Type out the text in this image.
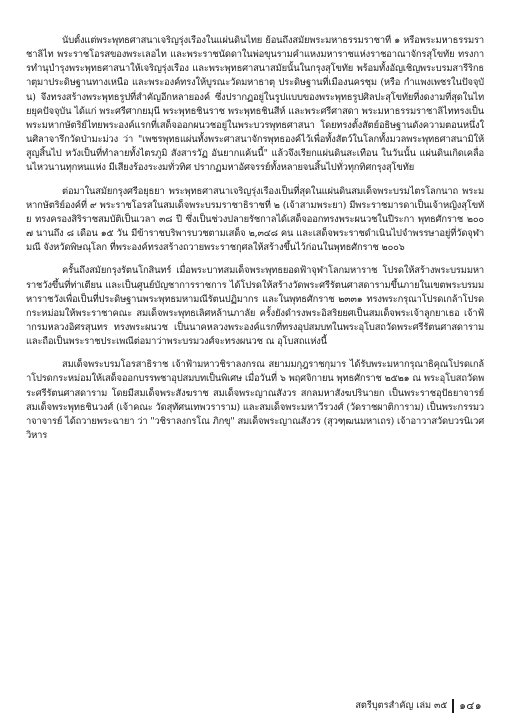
นับตั้งแต่พระพุทธศาสนาเจริญรุ่งเรืองในแผ่นดินไทย ย้อนถึงสมัยพระมหาธรรมราชาที่ ๑ หรือพระมหาธรรมราชาลิไท พระราชโอรสของพระเลอไท และพระราชนัดดาในพ่อขุนรามคำแหงมหาราชแห่งราชอาณาจักรสุโขทัย ทรงการทำนุบำรุงพระพุทธศาสนาให้เจริญรุ่งเรือง และพระพุทธศาสนาสมัยนั้นในกรุงสุโขทัย พร้อมทั้งอัญเชิญพระบรมสารีริกธาตุมาประดิษฐานทางเหนือ และพระองค์ทรงให้บูรณะวัดมหาธาตุ ประดิษฐานที่เมืองนครชุม (หรือ กำแพงเพชรในปัจจุบัน) จึงทรงสร้างพระพุทธรูปที่สำคัญอีกหลายองค์ ซึ่งปรากฏอยู่ในรูปแบบของพระพุทธรูปศิลปะสุโขทัยที่งดงามที่สุดในไทยยุคปัจจุบัน ได้แก่ พระศรีศากยมุนี พระพุทธชินราช พระพุทธชินสีห์ และพระศรีศาสดา พระมหาธรรมราชาลิไททรงเป็นพระมหากษัตริย์ไทยพระองค์แรกที่เสด็จออกผนวชอยู่ในพระบวรพุทธศาสนา โดยทรงตั้งสัตย์อธิษฐานดังความตอนหนึ่งในศิลาจารึกวัดป่ามะม่วง ว่า "เพชรพุทธแผ่นทั้งพระศาสนาจักรพุทธองค์ไว้เพื่อทั้งสัตว์ในโลกทั้งมวลพระพุทธศาสนามิให้สูญสิ้นไป หวังเป็นที่ทำลายทั้งไตรภูมิ สังสารวัฏ อันยากแค้นนี้" แล้วจึงเรียกแผ่นดินสะเทือน ในวันนั้น แผ่นดินเกิดเคลื่อนไหวนานทุกหนแห่ง มีเสียงร้องระงมทั่วทิศ ปรากฏมหาอัศจรรย์ทั้งหลายจนสิ้นไปทั่วทุกทิศกรุงสุโขทัย

ต่อมาในสมัยกรุงศรีอยุธยา พระพุทธศาสนาเจริญรุ่งเรืองเป็นที่สุดในแผ่นดินสมเด็จพระบรมไตรโลกนาถ พระมหากษัตริย์องค์ที่ ๙ พระราชโอรสในสมเด็จพระบรมราชาธิราชที่ ๒ (เจ้าสามพระยา) มีพระราชมารดาเป็นเจ้าหญิงสุโขทัย ทรงครองสิริราชสมบัติเป็นเวลา ๓๘ ปี ซึ่งเป็นช่วงปลายรัชกาลได้เสด็จออกทรงพระผนวชในปีระกา พุทธศักราช ๒๐๐๗ นานถึง ๘ เดือน ๑๕ วัน มีข้าราชบริพารบวชตามเสด็จ ๒,๓๔๘ คน และเสด็จพระราชดำเนินไปจำพรรษาอยู่ที่วัดจุฬามณี จังหวัดพิษณุโลก ที่พระองค์ทรงสร้างถวายพระราชกุศลให้สร้างขึ้นไว้ก่อนในพุทธศักราช ๒๐๐๖

ครั้นถึงสมัยกรุงรัตนโกสินทร์ เมื่อพระบาทสมเด็จพระพุทธยอดฟ้าจุฬาโลกมหาราช โปรดให้สร้างพระบรมมหาราชวังขึ้นที่ท่าเตียน และเป็นศูนย์บัญชาการราชการ ได้โปรดให้สร้างวัดพระศรีรัตนศาสดารามขึ้นภายในเขตพระบรมมหาราชวังเพื่อเป็นที่ประดิษฐานพระพุทธมหามณีรัตนปฏิมากร และในพุทธศักราช ๒๓๓๑ ทรงพระกรุณาโปรดเกล้าโปรดกระหม่อมให้พระราชาคณะ สมเด็จพระพุทธเลิศหล้านภาลัย ครั้งยังดำรงพระอิสริยยศเป็นสมเด็จพระเจ้าลูกยาเธอ เจ้าฟ้ากรมหลวงอิศรสุนทร ทรงพระผนวช เป็นนาคหลวงพระองค์แรกที่ทรงอุปสมบทในพระอุโบสถวัดพระศรีรัตนศาสดาราม และถือเป็นพระราชประเพณีต่อมาว่าพระบรมวงศ์จะทรงผนวช ณ อุโบสถแห่งนี้

สมเด็จพระบรมโอรสาธิราช เจ้าฟ้ามหาวชิราลงกรณ สยามมกุฎราชกุมาร ได้รับพระมหากรุณาธิคุณโปรดเกล้าโปรดกระหม่อมให้เสด็จออกบรรพชาอุปสมบทเป็นพิเศษ เมื่อวันที่ ๖ พฤศจิกายน พุทธศักราช ๒๕๒๑ ณ พระอุโบสถวัดพระศรีรัตนศาสดาราม โดยมีสมเด็จพระสังฆราช สมเด็จพระญาณสังวร สกลมหาสังฆปรินายก เป็นพระราชอุปัธยาจารย์ สมเด็จพระพุทธชินวงศ์ (เจ้าคณะ วัดสุทัศนเทพวราราม) และสมเด็จพระมหาวีรวงศ์ (วัดราชผาติการาม) เป็นพระกรรมวาจาจารย์ ได้ถวายพระฉายา ว่า "วชิราลงกรโณ ภิกขุ" สมเด็จพระญาณสังวร (สุวฑฺฒนมหาเถร) เจ้าอาวาสวัดบวรนิเวศวิหาร

สตรีบุตรสำคัญ เล่ม ๓๕ ๑๔๑
